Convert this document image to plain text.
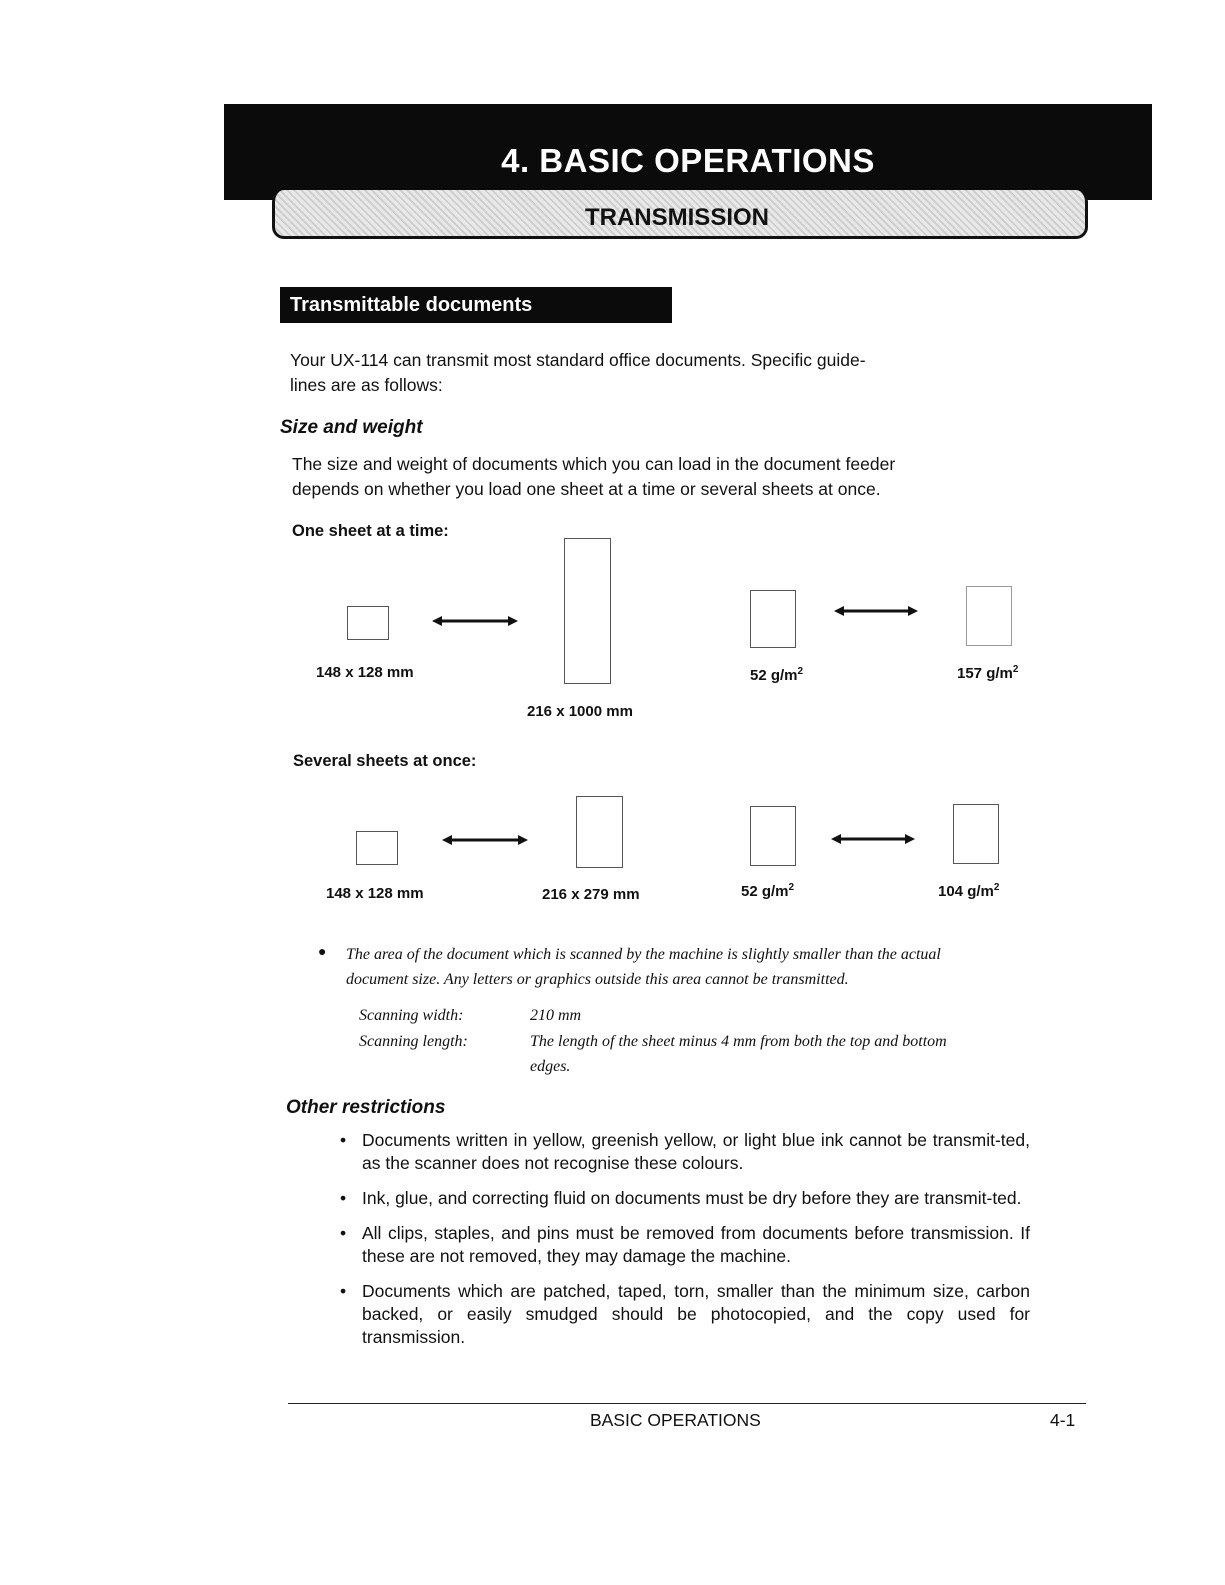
4. BASIC OPERATIONS
TRANSMISSION
Transmittable documents
Your UX-114 can transmit most standard office documents. Specific guide-
lines are as follows:
Size and weight
The size and weight of documents which you can load in the document feeder
depends on whether you load one sheet at a time or several sheets at once.
One sheet at a time:
148 x 128 mm
216 x 1000 mm
52 $g/m^2$	157 $g/m^2$
Several sheets at once:
148 x 128 mm	216 x 279 mm	52 $g/m^2$	104 $g/m^2$
● The area of the document which is scanned by the machine is slightly smaller than the actual
document size. Any letters or graphics outside this area cannot be transmitted.
Scanning width:	210 mm
Scanning length:	The length of the sheet minus 4 mm from both the top and bottom
edges.
Other restrictions
• Documents written in yellow, greenish yellow, or light blue ink cannot be transmit-ted, as the scanner does not recognise these colours.
• Ink, glue, and correcting fluid on documents must be dry before they are transmit-ted.
• All clips, staples, and pins must be removed from documents before transmission. If these are not removed, they may damage the machine.
• Documents which are patched, taped, torn, smaller than the minimum size, carbon backed, or easily smudged should be photocopied, and the copy used for transmission.
BASIC OPERATIONS	4-1
